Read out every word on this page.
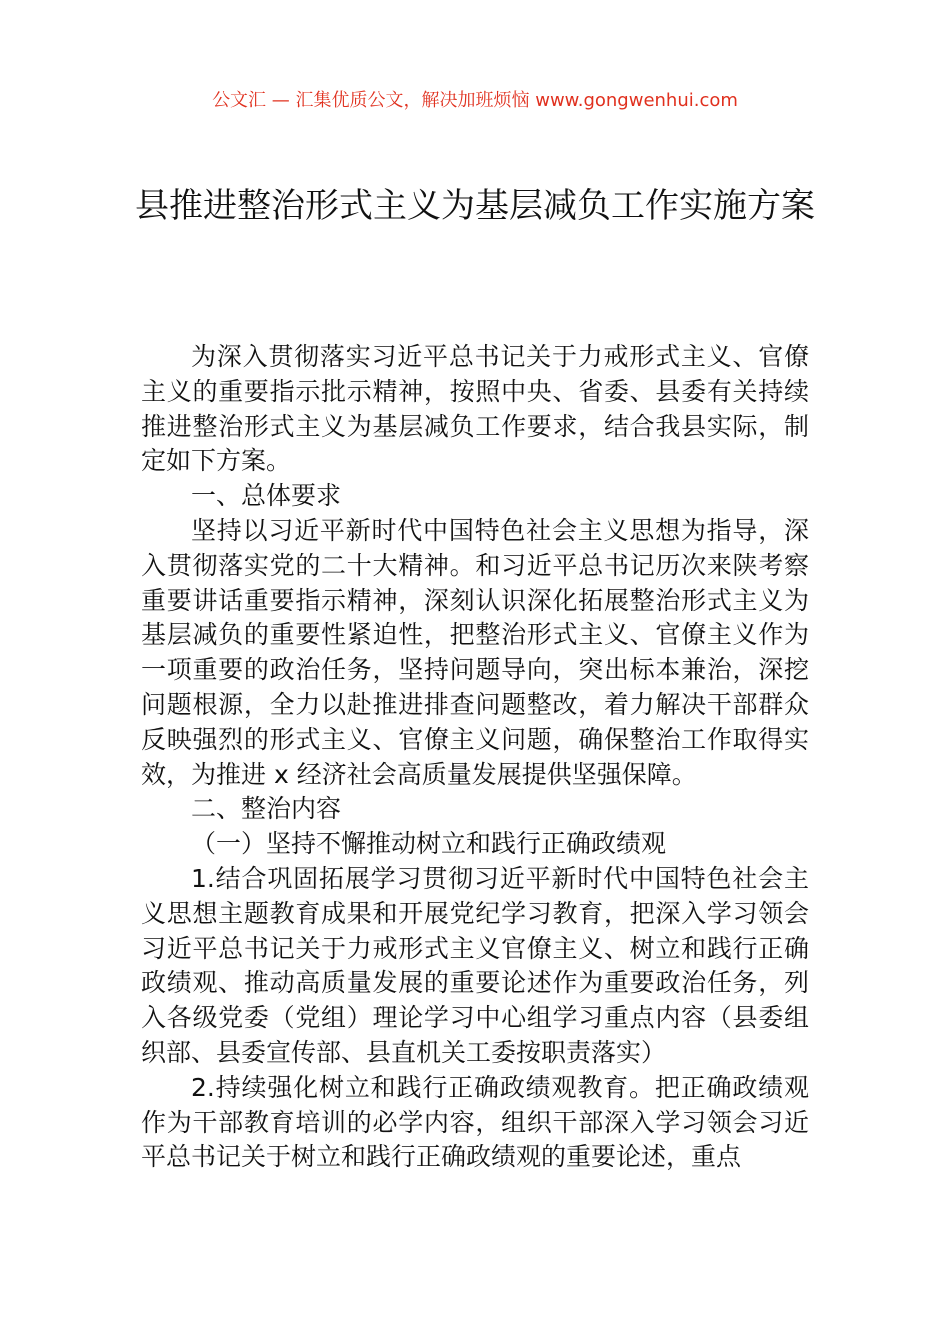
公文汇 — 汇集优质公文，解决加班烦恼 www.gongwenhui.com
县推进整治形式主义为基层减负工作实施方案

为深入贯彻落实习近平总书记关于力戒形式主义、官僚主义的重要指示批示精神，按照中央、省委、县委有关持续推进整治形式主义为基层减负工作要求，结合我县实际，制定如下方案。

一、总体要求

坚持以习近平新时代中国特色社会主义思想为指导，深入贯彻落实党的二十大精神。和习近平总书记历次来陕考察重要讲话重要指示精神，深刻认识深化拓展整治形式主义为基层减负的重要性紧迫性，把整治形式主义、官僚主义作为一项重要的政治任务，坚持问题导向，突出标本兼治，深挖问题根源，全力以赴推进排查问题整改，着力解决干部群众反映强烈的形式主义、官僚主义问题，确保整治工作取得实效，为推进 x 经济社会高质量发展提供坚强保障。

二、整治内容

（一）坚持不懈推动树立和践行正确政绩观

1.结合巩固拓展学习贯彻习近平新时代中国特色社会主义思想主题教育成果和开展党纪学习教育，把深入学习领会习近平总书记关于力戒形式主义官僚主义、树立和践行正确政绩观、推动高质量发展的重要论述作为重要政治任务，列入各级党委（党组）理论学习中心组学习重点内容（县委组织部、县委宣传部、县直机关工委按职责落实）

2.持续强化树立和践行正确政绩观教育。把正确政绩观作为干部教育培训的必学内容，组织干部深入学习领会习近平总书记关于树立和践行正确政绩观的重要论述，重点
